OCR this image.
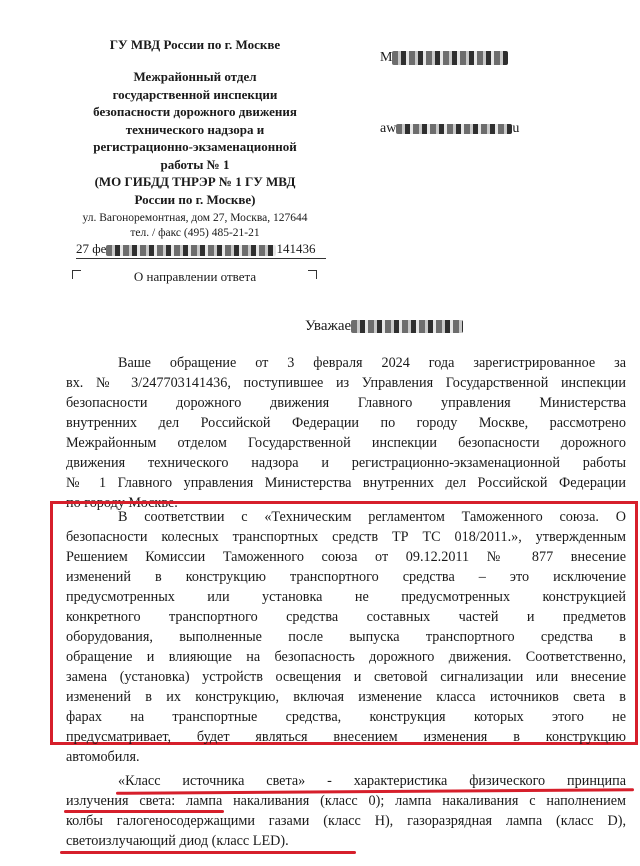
ГУ МВД России по г. Москве
Межрайонный отдел
государственной инспекции
безопасности дорожного движения
технического надзора и
регистрационно-экзаменационной
работы № 1
(МО ГИБДД ТНРЭР № 1 ГУ МВД
России по г. Москве)
ул. Вагоноремонтная, дом 27, Москва, 127644
тел. / факс (495) 485-21-21
27 фе	141436
О направлении ответа
М
aw	u
Уважае
Ваше обращение от 3 февраля 2024 года зарегистрированное за
вх. № 3/247703141436, поступившее из Управления Государственной инспекции
безопасности дорожного движения Главного управления Министерства
внутренних дел Российской Федерации по городу Москве, рассмотрено
Межрайонным отделом Государственной инспекции безопасности дорожного
движения технического надзора и регистрационно-экзаменационной работы
№ 1 Главного управления Министерства внутренних дел Российской Федерации
по городу Москве.
В соответствии с «Техническим регламентом Таможенного союза. О
безопасности колесных транспортных средств ТР ТС 018/2011.», утвержденным
Решением Комиссии Таможенного союза от 09.12.2011 № 877 внесение
изменений в конструкцию транспортного средства – это исключение
предусмотренных или установка не предусмотренных конструкцией
конкретного транспортного средства составных частей и предметов
оборудования, выполненные после выпуска транспортного средства в
обращение и влияющие на безопасность дорожного движения. Соответственно,
замена (установка) устройств освещения и световой сигнализации или внесение
изменений в их конструкцию, включая изменение класса источников света в
фарах на транспортные средства, конструкция которых этого не
предусматривает, будет являться внесением изменения в конструкцию
автомобиля.
«Класс источника света» - характеристика физического принципа
излучения света: лампа накаливания (класс 0); лампа накаливания с наполнением
колбы галогеносодержащими газами (класс H), газоразрядная лампа (класс D),
светоизлучающий диод (класс LED).
